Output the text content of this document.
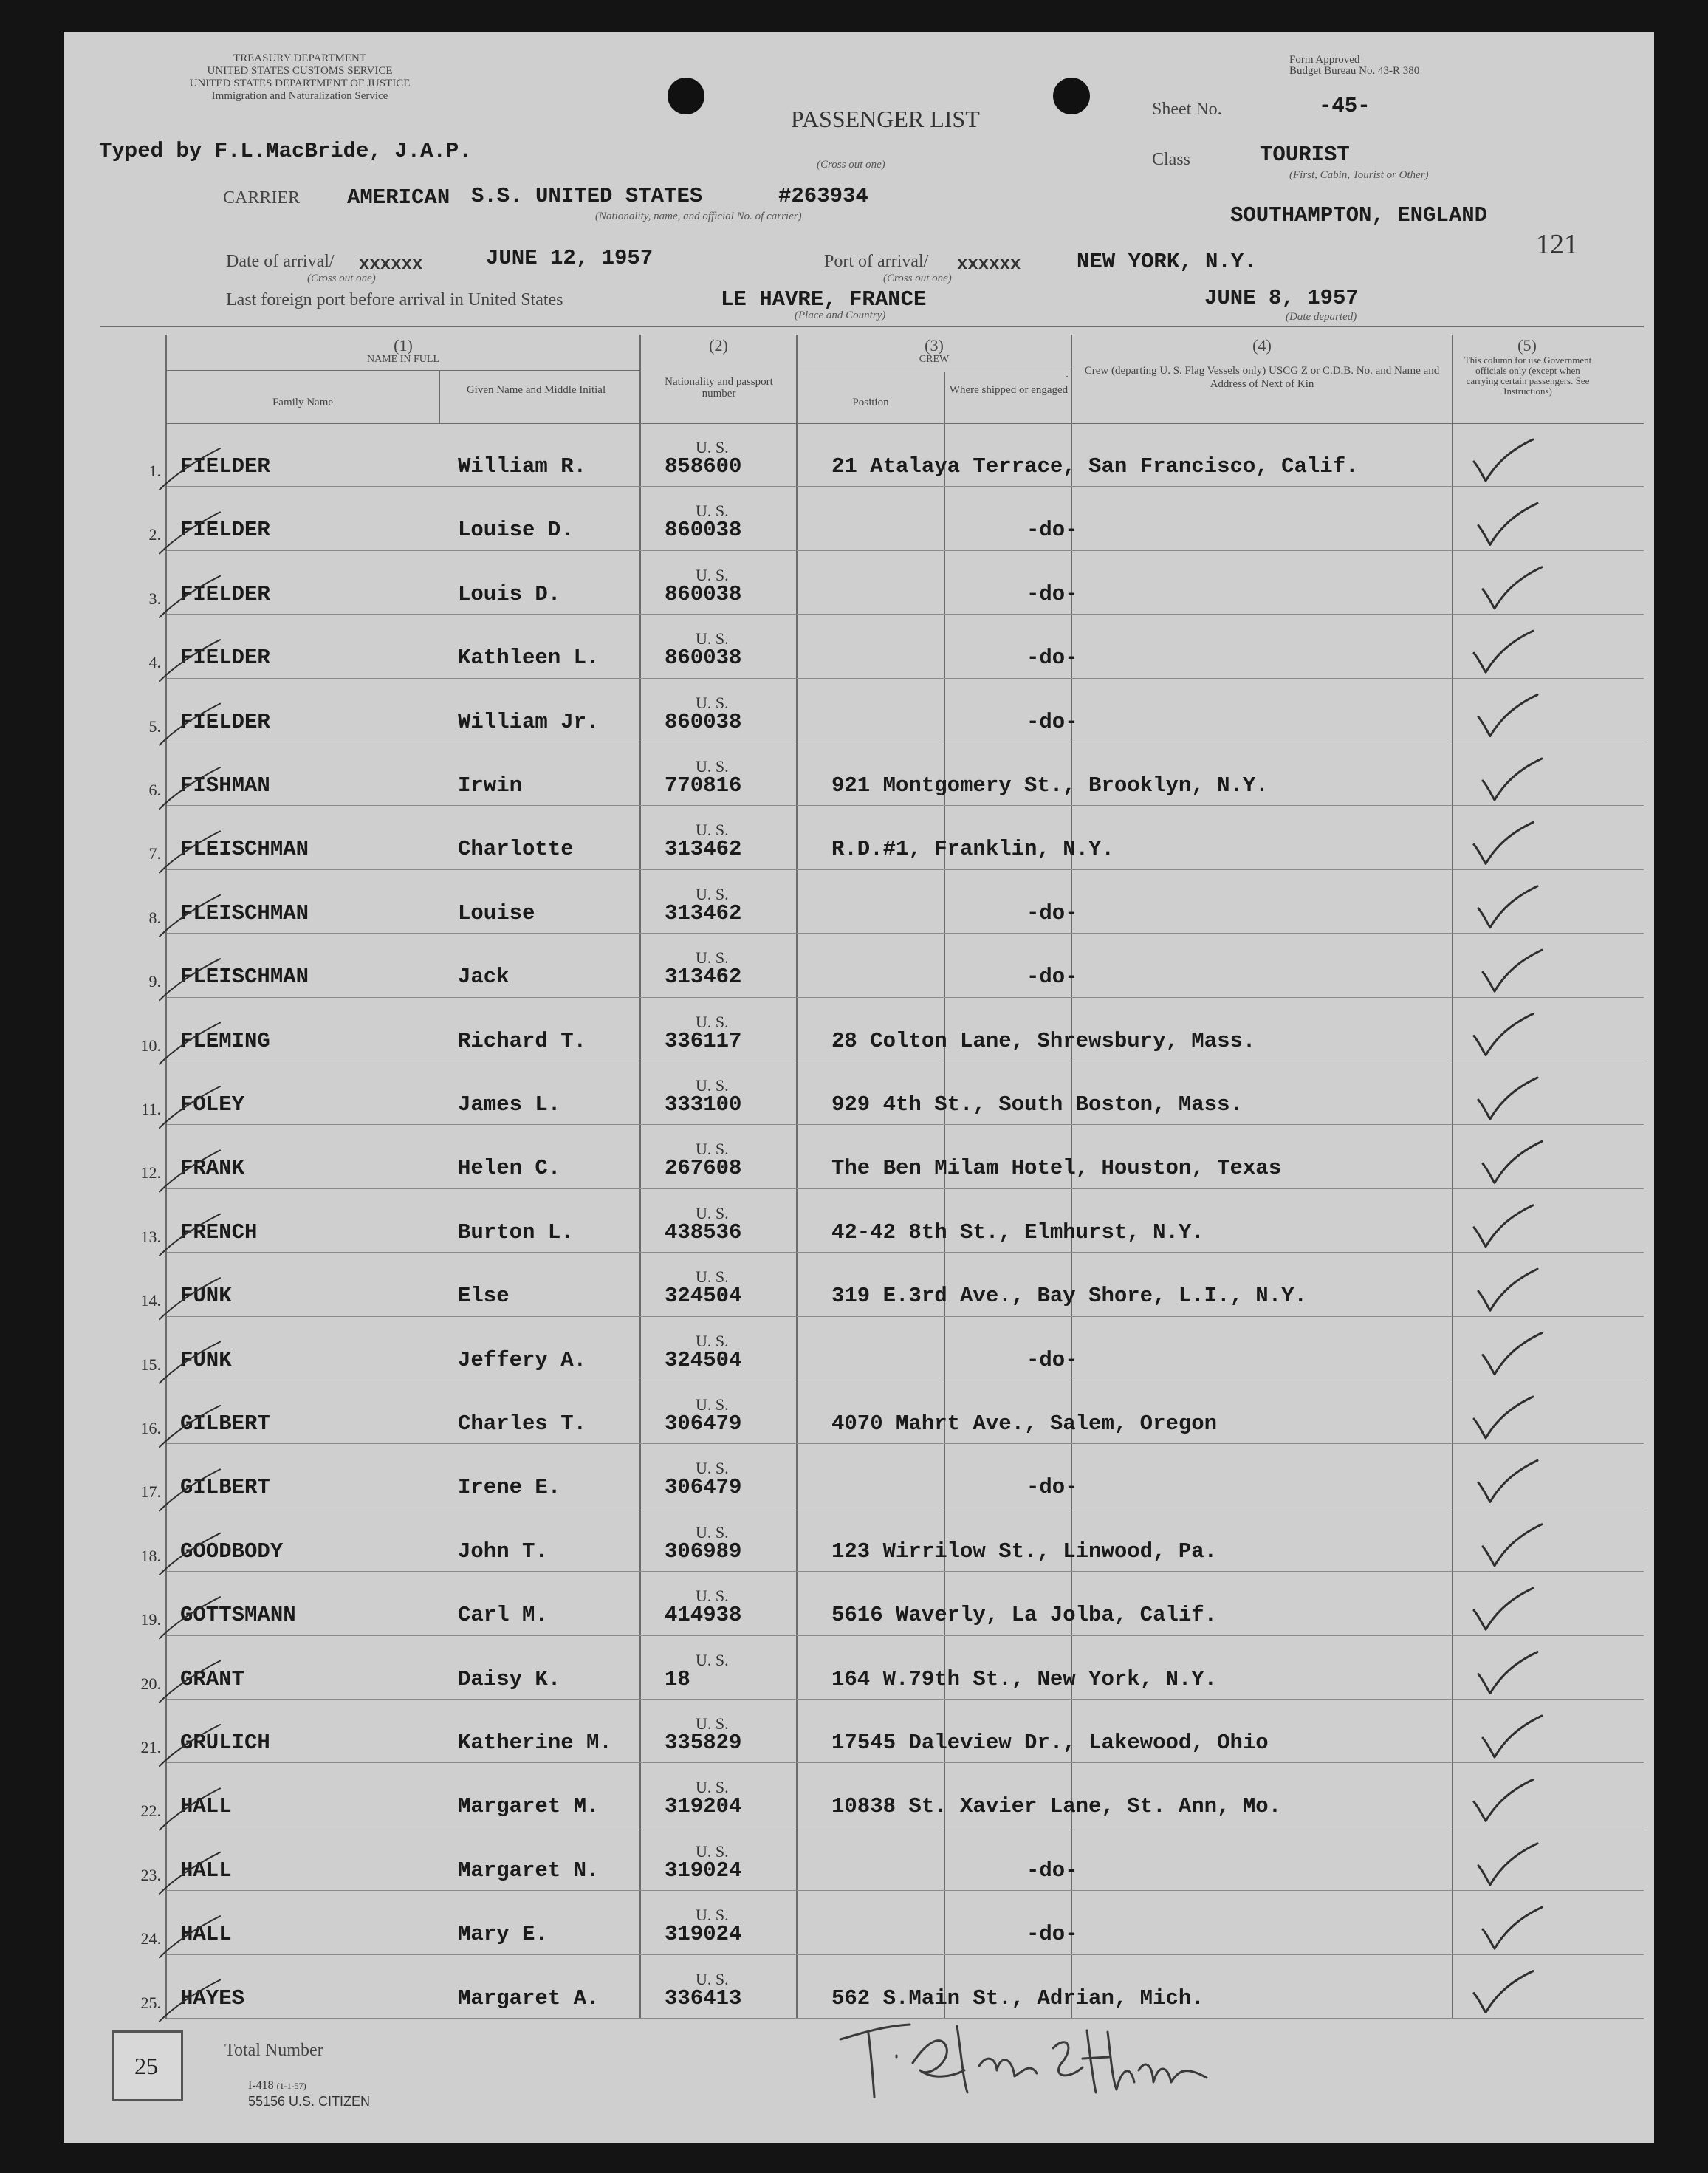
TREASURY DEPARTMENT
UNITED STATES CUSTOMS SERVICE
UNITED STATES DEPARTMENT OF JUSTICE
Immigration and Naturalization Service
Typed by F.L.MacBride, J.A.P.
PASSENGER LIST
(Cross out one)
Form Approved
Budget Bureau No. 43-R 380
Sheet No.	-45-
Class	TOURIST
(First, Cabin, Tourist or Other)
CARRIER AMERICAN S.S. UNITED STATES	#263934
(Nationality, name, and official No. of carrier)	SOUTHAMPTON, ENGLAND
121
Date of arrival/ xxxxxx
(Cross out one)
JUNE 12, 1957	Port of arrival/ xxxxxx
(Cross out one)
NEW YORK, N.Y.
Last foreign port before arrival in United States	LE HAVRE, FRANCE
(Place and Country)
JUNE 8, 1957
(Date departed)
(1)
NAME IN FULL
Family Name
Given Name and Middle Initial
(2)
Nationality and passport number
(3)
CREW
Position
Where shipped or engaged
(4)
Crew (departing U. S. Flag Vessels only) USCG Z or C.D.B. No. and Name and Address of Next of Kin
(5)
This column for use Government officials only (except when carrying certain passengers. See Instructions)
1. FIELDER	William R.
U. S.
858600	21 Atalaya Terrace, San Francisco, Calif.
2. FIELDER	Louise D.
U. S.
860038	-do-
3. FIELDER	Louis D.
U. S.
860038	-do-
4. FIELDER	Kathleen L.
U. S.
860038	-do-
5. FIELDER	William Jr.
U. S.
860038	-do-
6. FISHMAN	Irwin
U. S.
770816	921 Montgomery St., Brooklyn, N.Y.
7. FLEISCHMAN	Charlotte
U. S.
313462	R.D.#1, Franklin, N.Y.
8. FLEISCHMAN	Louise
U. S.
313462	-do-
9. FLEISCHMAN	Jack
U. S.
313462	-do-
10. FLEMING	Richard T.
U. S.
336117	28 Colton Lane, Shrewsbury, Mass.
11. FOLEY	James L.
U. S.
333100	929 4th St., South Boston, Mass.
12. FRANK	Helen C.
U. S.
267608	The Ben Milam Hotel, Houston, Texas
13. FRENCH	Burton L.
U. S.
438536	42-42 8th St., Elmhurst, N.Y.
14. FUNK	Else
U. S.
324504	319 E.3rd Ave., Bay Shore, L.I., N.Y.
15. FUNK	Jeffery A.
U. S.
324504	-do-
16. GILBERT	Charles T.
U. S.
306479	4070 Mahrt Ave., Salem, Oregon
17. GILBERT	Irene E.
U. S.
306479	-do-
18. GOODBODY	John T.
U. S.
306989	123 Wirrilow St., Linwood, Pa.
19. GOTTSMANN	Carl M.
U. S.
414938	5616 Waverly, La Jolba, Calif.
20. GRANT	Daisy K.
U. S.
18	164 W.79th St., New York, N.Y.
21. GRULICH	Katherine M.
U. S.
335829	17545 Daleview Dr., Lakewood, Ohio
22. HALL	Margaret M.
U. S.
319204	10838 St. Xavier Lane, St. Ann, Mo.
23. HALL	Margaret N.
U. S.
319024	-do-
24. HALL	Mary E.
U. S.
319024	-do-
25. HAYES	Margaret A.
U. S.
336413	562 S.Main St., Adrian, Mich.
25
Total Number
I-418 (1-1-57)
55156 U.S. CITIZEN
